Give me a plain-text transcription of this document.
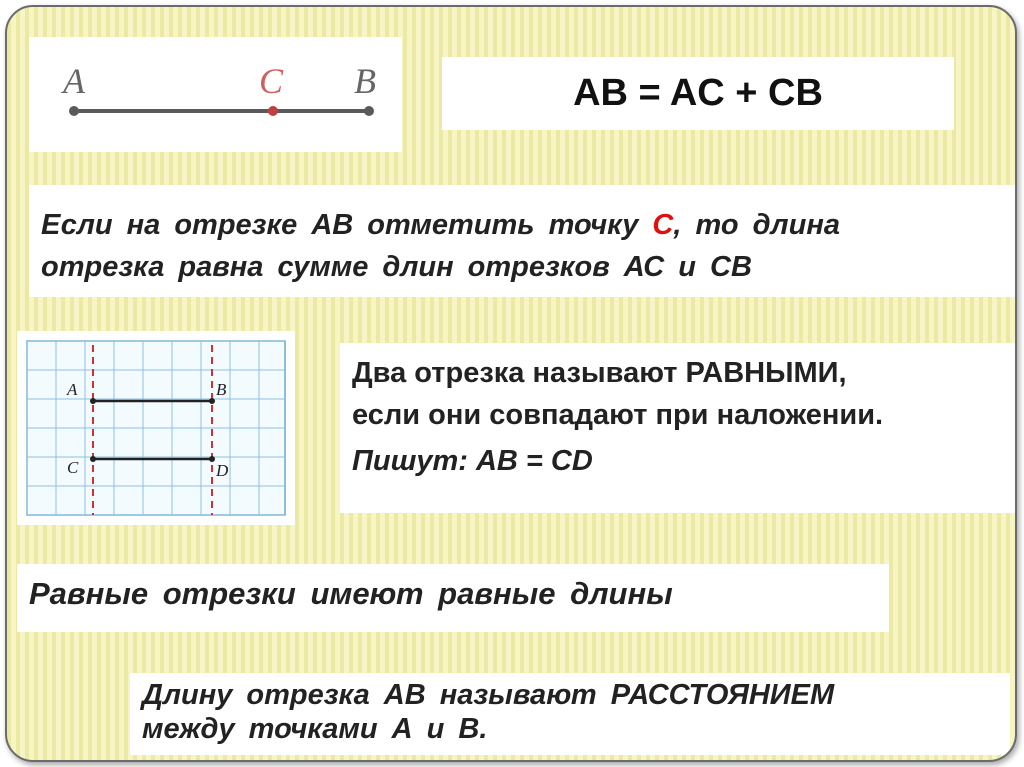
A	C B	AB = AC + CB
Если на отрезке АВ отметить точку С, то длина
отрезка равна сумме длин отрезков АС и СВ
A	B
C	D
Два отрезка называют РАВНЫМИ,
если они совпадают при наложении.
Пишут: АВ = CD
Равные отрезки имеют равные длины
Длину отрезка АВ называют РАССТОЯНИЕМ
между точками А и В.
